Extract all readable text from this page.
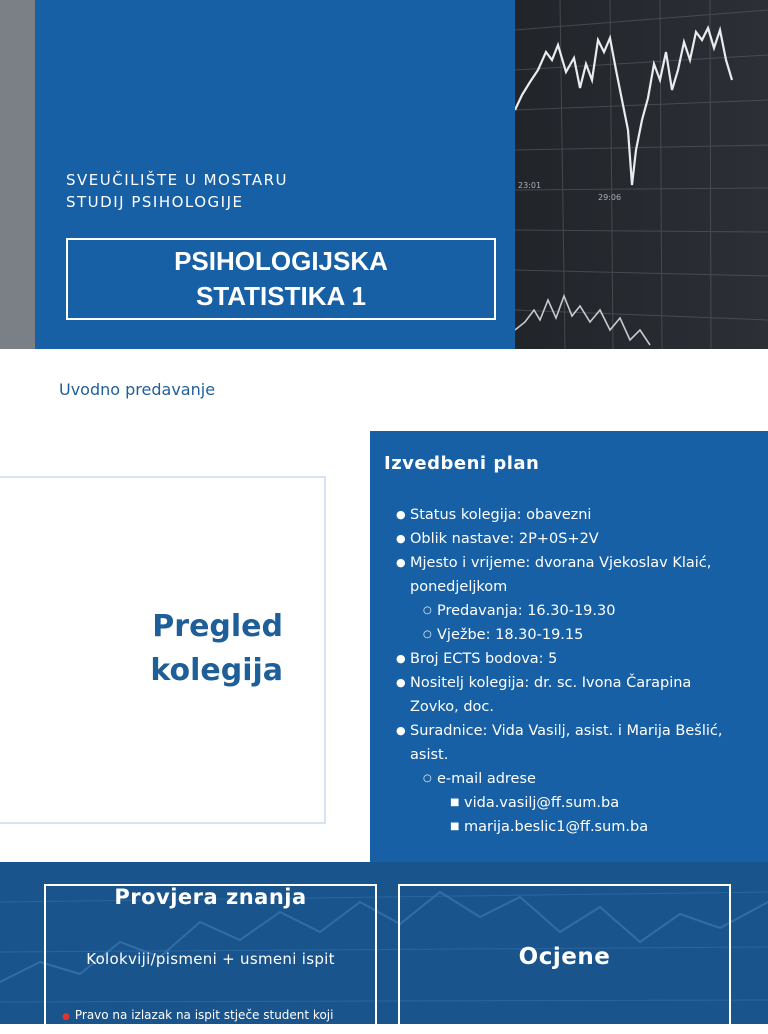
23:01
29:06
SVEUČILIŠTE U MOSTARU
STUDIJ PSIHOLOGIJE
PSIHOLOGIJSKA
STATISTIKA 1
Uvodno predavanje
Pregled
kolegija
Izvedbeni plan
● Status kolegija: obavezni
● Oblik nastave: 2P+0S+2V
● Mjesto i vrijeme: dvorana Vjekoslav Klaić,
ponedjeljkom
○ Predavanja: 16.30-19.30
○ Vježbe: 18.30-19.15
● Broj ECTS bodova: 5
● Nositelj kolegija: dr. sc. Ivona Čarapina
Zovko, doc.
● Suradnice: Vida Vasilj, asist. i Marija Bešlić,
asist.
○ e-mail adrese
■ vida.vasilj@ff.sum.ba
■ marija.beslic1@ff.sum.ba
Provjera znanja
Kolokviji/pismeni + usmeni ispit
● Pravo na izlazak na ispit stječe student koji
Ocjene
